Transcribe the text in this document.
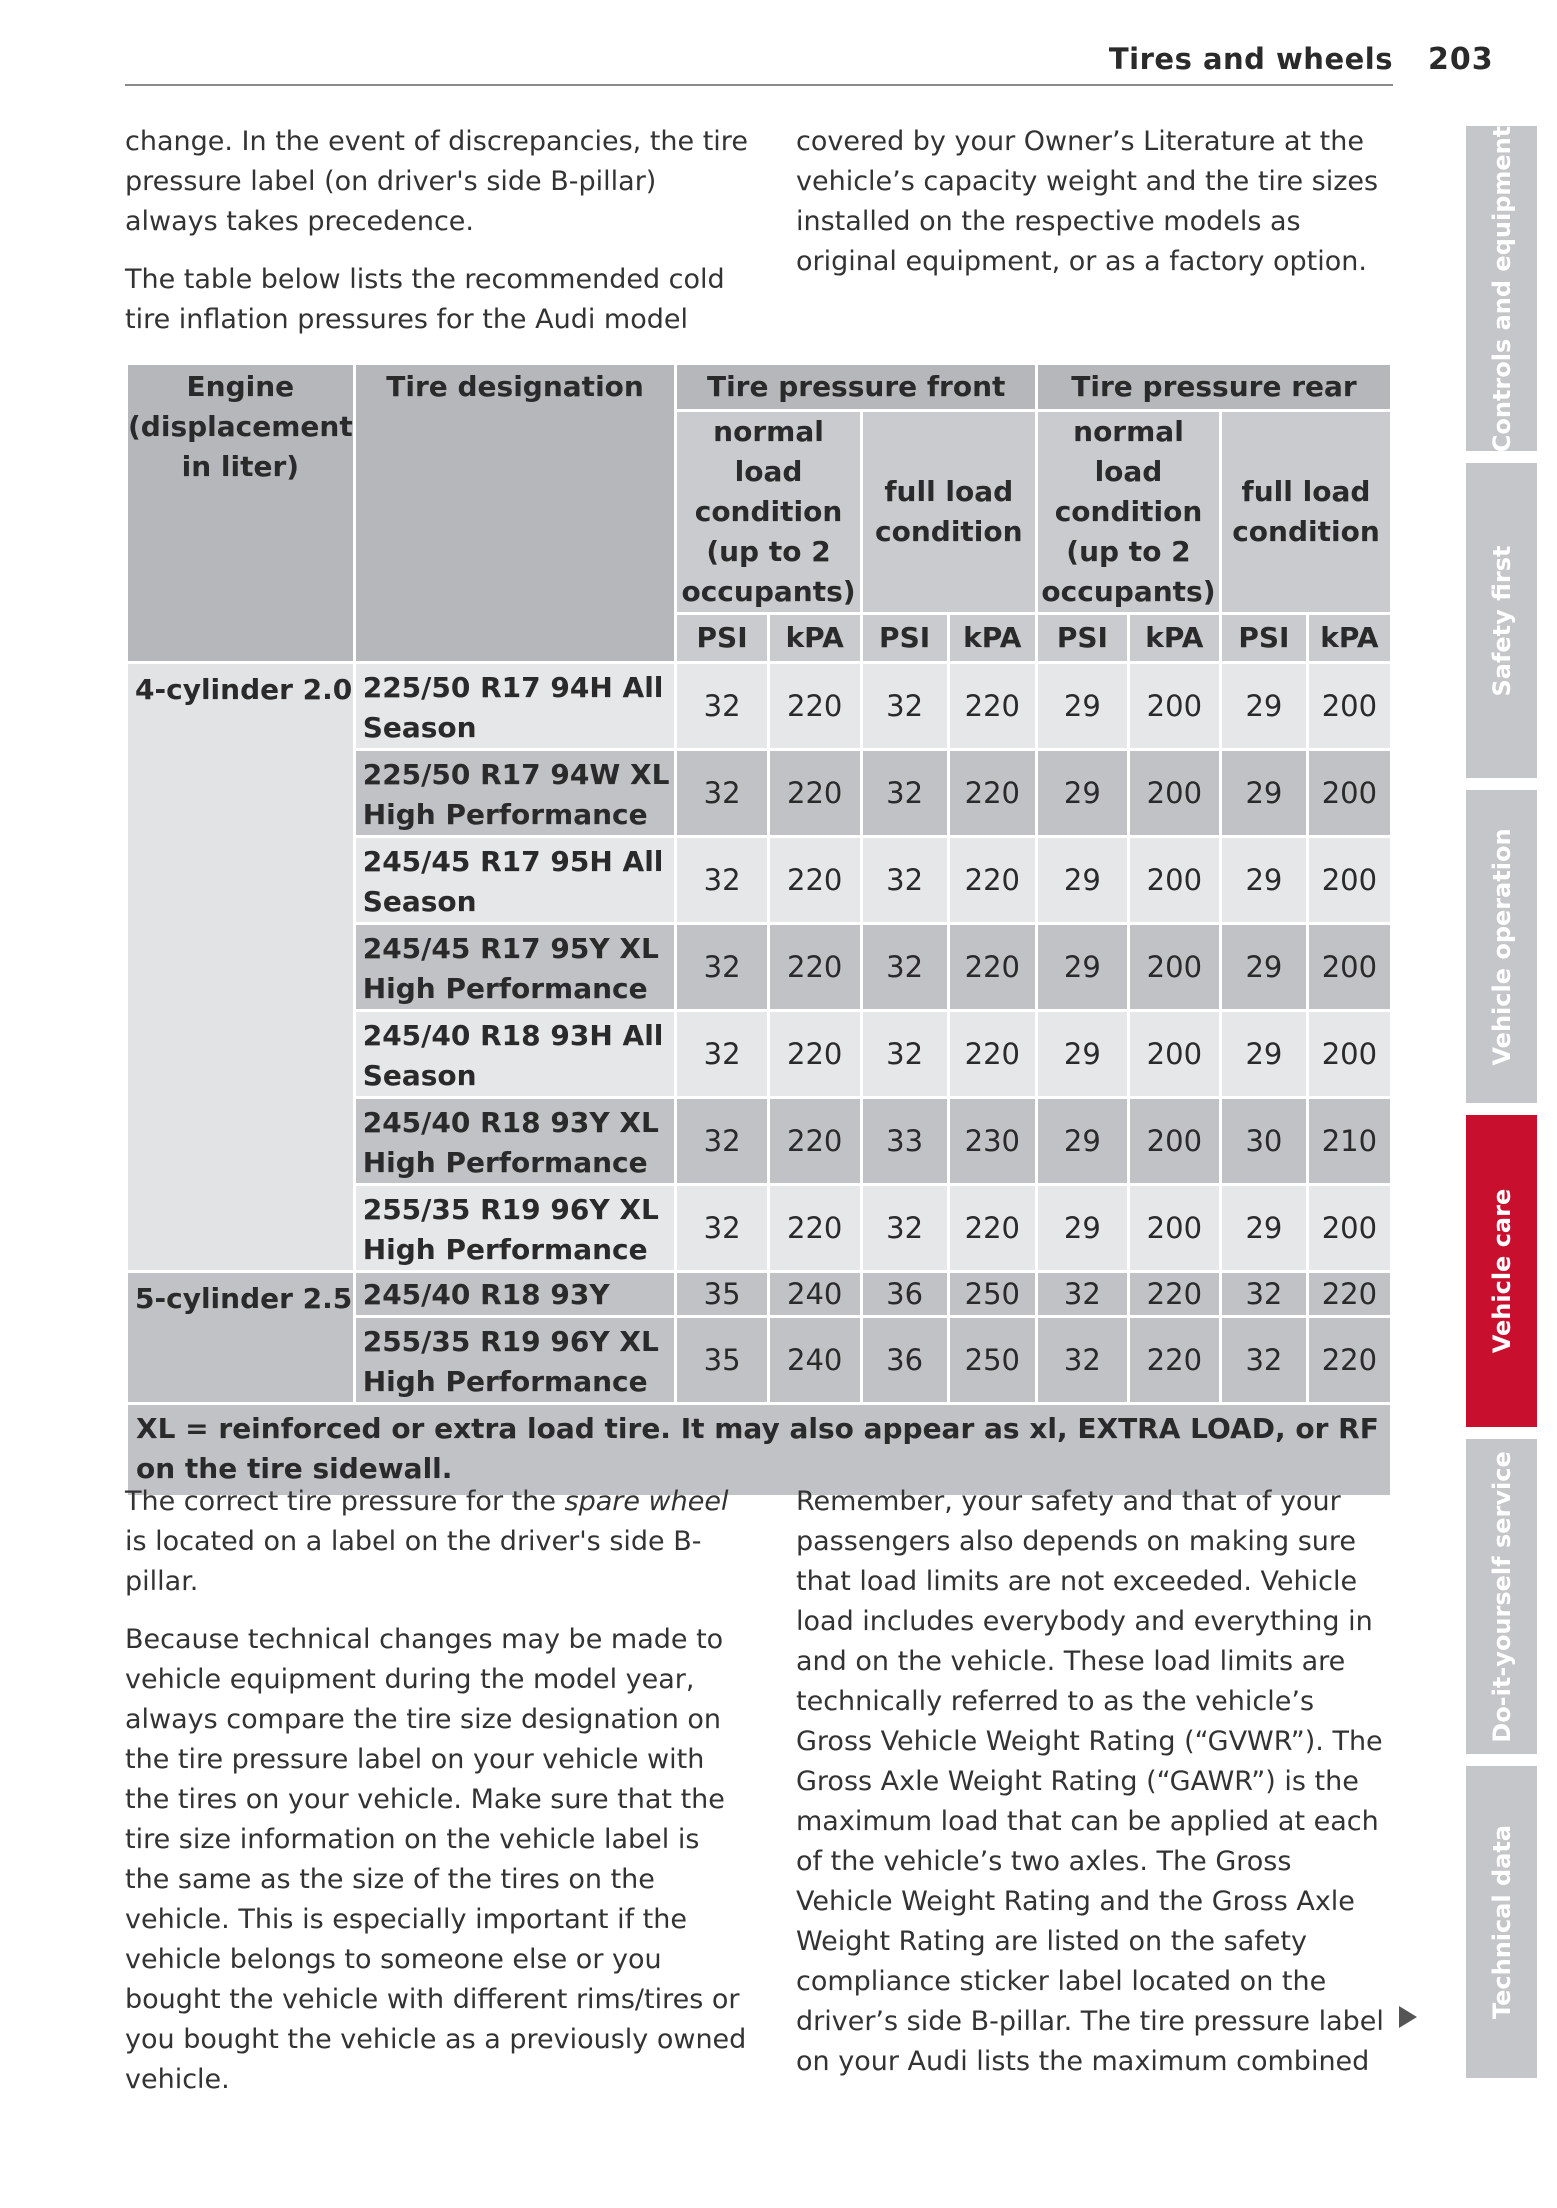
Tires and wheels 203

change. In the event of discrepancies, the tire pressure label (on driver's side B-pillar) always takes precedence.

The table below lists the recommended cold tire inflation pressures for the Audi model

covered by your Owner’s Literature at the vehicle’s capacity weight and the tire sizes installed on the respective models as original equipment, or as a factory option.

Engine (displacement in liter)	Tire designation	Tire pressure front				Tire pressure rear			
		normal load condition (up to 2 occupants)		full load condition		normal load condition (up to 2 occupants)		full load condition	
		PSI	kPA	PSI	kPA	PSI	kPA	PSI	kPA
4-cylinder 2.0	225/50 R17 94H All Season	32	220	32	220	29	200	29	200
	225/50 R17 94W XL High Performance	32	220	32	220	29	200	29	200
	245/45 R17 95H All Season	32	220	32	220	29	200	29	200
	245/45 R17 95Y XL High Performance	32	220	32	220	29	200	29	200
	245/40 R18 93H All Season	32	220	32	220	29	200	29	200
	245/40 R18 93Y XL High Performance	32	220	33	230	29	200	30	210
	255/35 R19 96Y XL High Performance	32	220	32	220	29	200	29	200
5-cylinder 2.5	245/40 R18 93Y	35	240	36	250	32	220	32	220
	255/35 R19 96Y XL High Performance	35	240	36	250	32	220	32	220
XL = reinforced or extra load tire. It may also appear as xl, EXTRA LOAD, or RF on the tire sidewall.									

The correct tire pressure for the spare wheel is located on a label on the driver's side B-pillar.

Because technical changes may be made to vehicle equipment during the model year, always compare the tire size designation on the tire pressure label on your vehicle with the tires on your vehicle. Make sure that the tire size information on the vehicle label is the same as the size of the tires on the vehicle. This is especially important if the vehicle belongs to someone else or you bought the vehicle with different rims/tires or you bought the vehicle as a previously owned vehicle.

Remember, your safety and that of your passengers also depends on making sure that load limits are not exceeded. Vehicle load includes everybody and everything in and on the vehicle. These load limits are technically referred to as the vehicle’s Gross Vehicle Weight Rating (“GVWR”). The Gross Axle Weight Rating (“GAWR”) is the maximum load that can be applied at each of the vehicle’s two axles. The Gross Vehicle Weight Rating and the Gross Axle Weight Rating are listed on the safety compliance sticker label located on the driver’s side B-pillar. The tire pressure label on your Audi lists the maximum combined

Controls and equipment
Safety first
Vehicle operation
Vehicle care
Do-it-yourself service
Technical data
